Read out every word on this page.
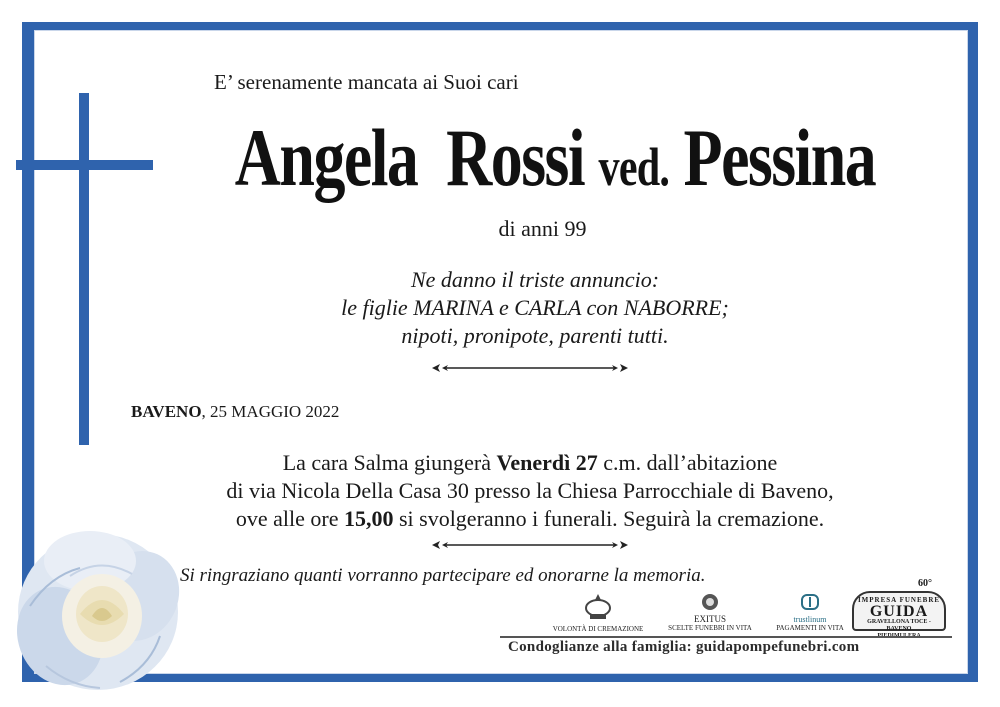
E’ serenamente mancata ai Suoi cari
Angela Rossi ved. Pessina
di anni 99
Ne danno il triste annuncio:
le figlie MARINA e CARLA con NABORRE;
nipoti, pronipote, parenti tutti.
BAVENO, 25 MAGGIO 2022
La cara Salma giungerà Venerdì 27 c.m. dall’abitazione
di via Nicola Della Casa 30 presso la Chiesa Parrocchiale di Baveno,
ove alle ore 15,00 si svolgeranno i funerali. Seguirà la cremazione.
Si ringraziano quanti vorranno partecipare ed onorarne la memoria.
VOLONTÀ DI CREMAZIONE
EXITUS
SCELTE FUNEBRI IN VITA
trustlinum
PAGAMENTI IN VITA
60°
IMPRESA FUNEBRE
GUIDA
GRAVELLONA TOCE - BAVENO
Condoglianze alla famiglia: guidapompefunebri.com
